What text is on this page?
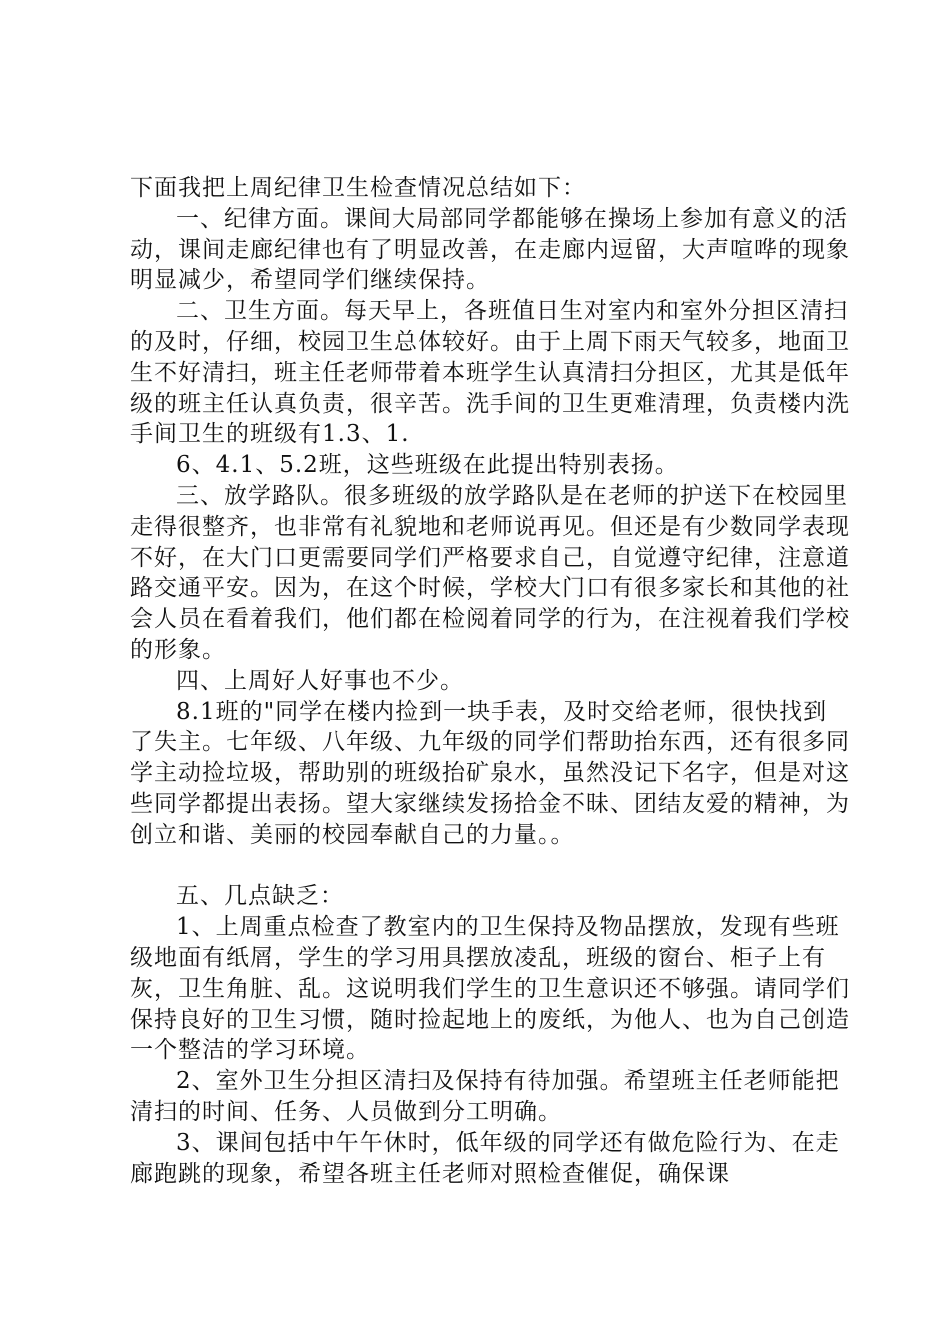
下面我把上周纪律卫生检查情况总结如下：

一、纪律方面。课间大局部同学都能够在操场上参加有意义的活动，课间走廊纪律也有了明显改善，在走廊内逗留，大声喧哗的现象明显减少，希望同学们继续保持。

二、卫生方面。每天早上，各班值日生对室内和室外分担区清扫的及时，仔细，校园卫生总体较好。由于上周下雨天气较多，地面卫生不好清扫，班主任老师带着本班学生认真清扫分担区，尤其是低年级的班主任认真负责，很辛苦。洗手间的卫生更难清理，负责楼内洗手间卫生的班级有1.3、1.

6、4.1、5.2班，这些班级在此提出特别表扬。

三、放学路队。很多班级的放学路队是在老师的护送下在校园里走得很整齐，也非常有礼貌地和老师说再见。但还是有少数同学表现不好，在大门口更需要同学们严格要求自己，自觉遵守纪律，注意道路交通平安。因为，在这个时候，学校大门口有很多家长和其他的社会人员在看着我们，他们都在检阅着同学的行为，在注视着我们学校的形象。

四、上周好人好事也不少。

8.1班的"同学在楼内捡到一块手表，及时交给老师，很快找到了失主。七年级、八年级、九年级的同学们帮助抬东西，还有很多同学主动捡垃圾，帮助别的班级抬矿泉水，虽然没记下名字，但是对这些同学都提出表扬。望大家继续发扬拾金不昧、团结友爱的精神，为创立和谐、美丽的校园奉献自己的力量。。

五、几点缺乏：

1、上周重点检查了教室内的卫生保持及物品摆放，发现有些班级地面有纸屑，学生的学习用具摆放凌乱，班级的窗台、柜子上有灰，卫生角脏、乱。这说明我们学生的卫生意识还不够强。请同学们保持良好的卫生习惯，随时捡起地上的废纸，为他人、也为自己创造一个整洁的学习环境。

2、室外卫生分担区清扫及保持有待加强。希望班主任老师能把清扫的时间、任务、人员做到分工明确。

3、课间包括中午午休时，低年级的同学还有做危险行为、在走廊跑跳的现象，希望各班主任老师对照检查催促，确保课
